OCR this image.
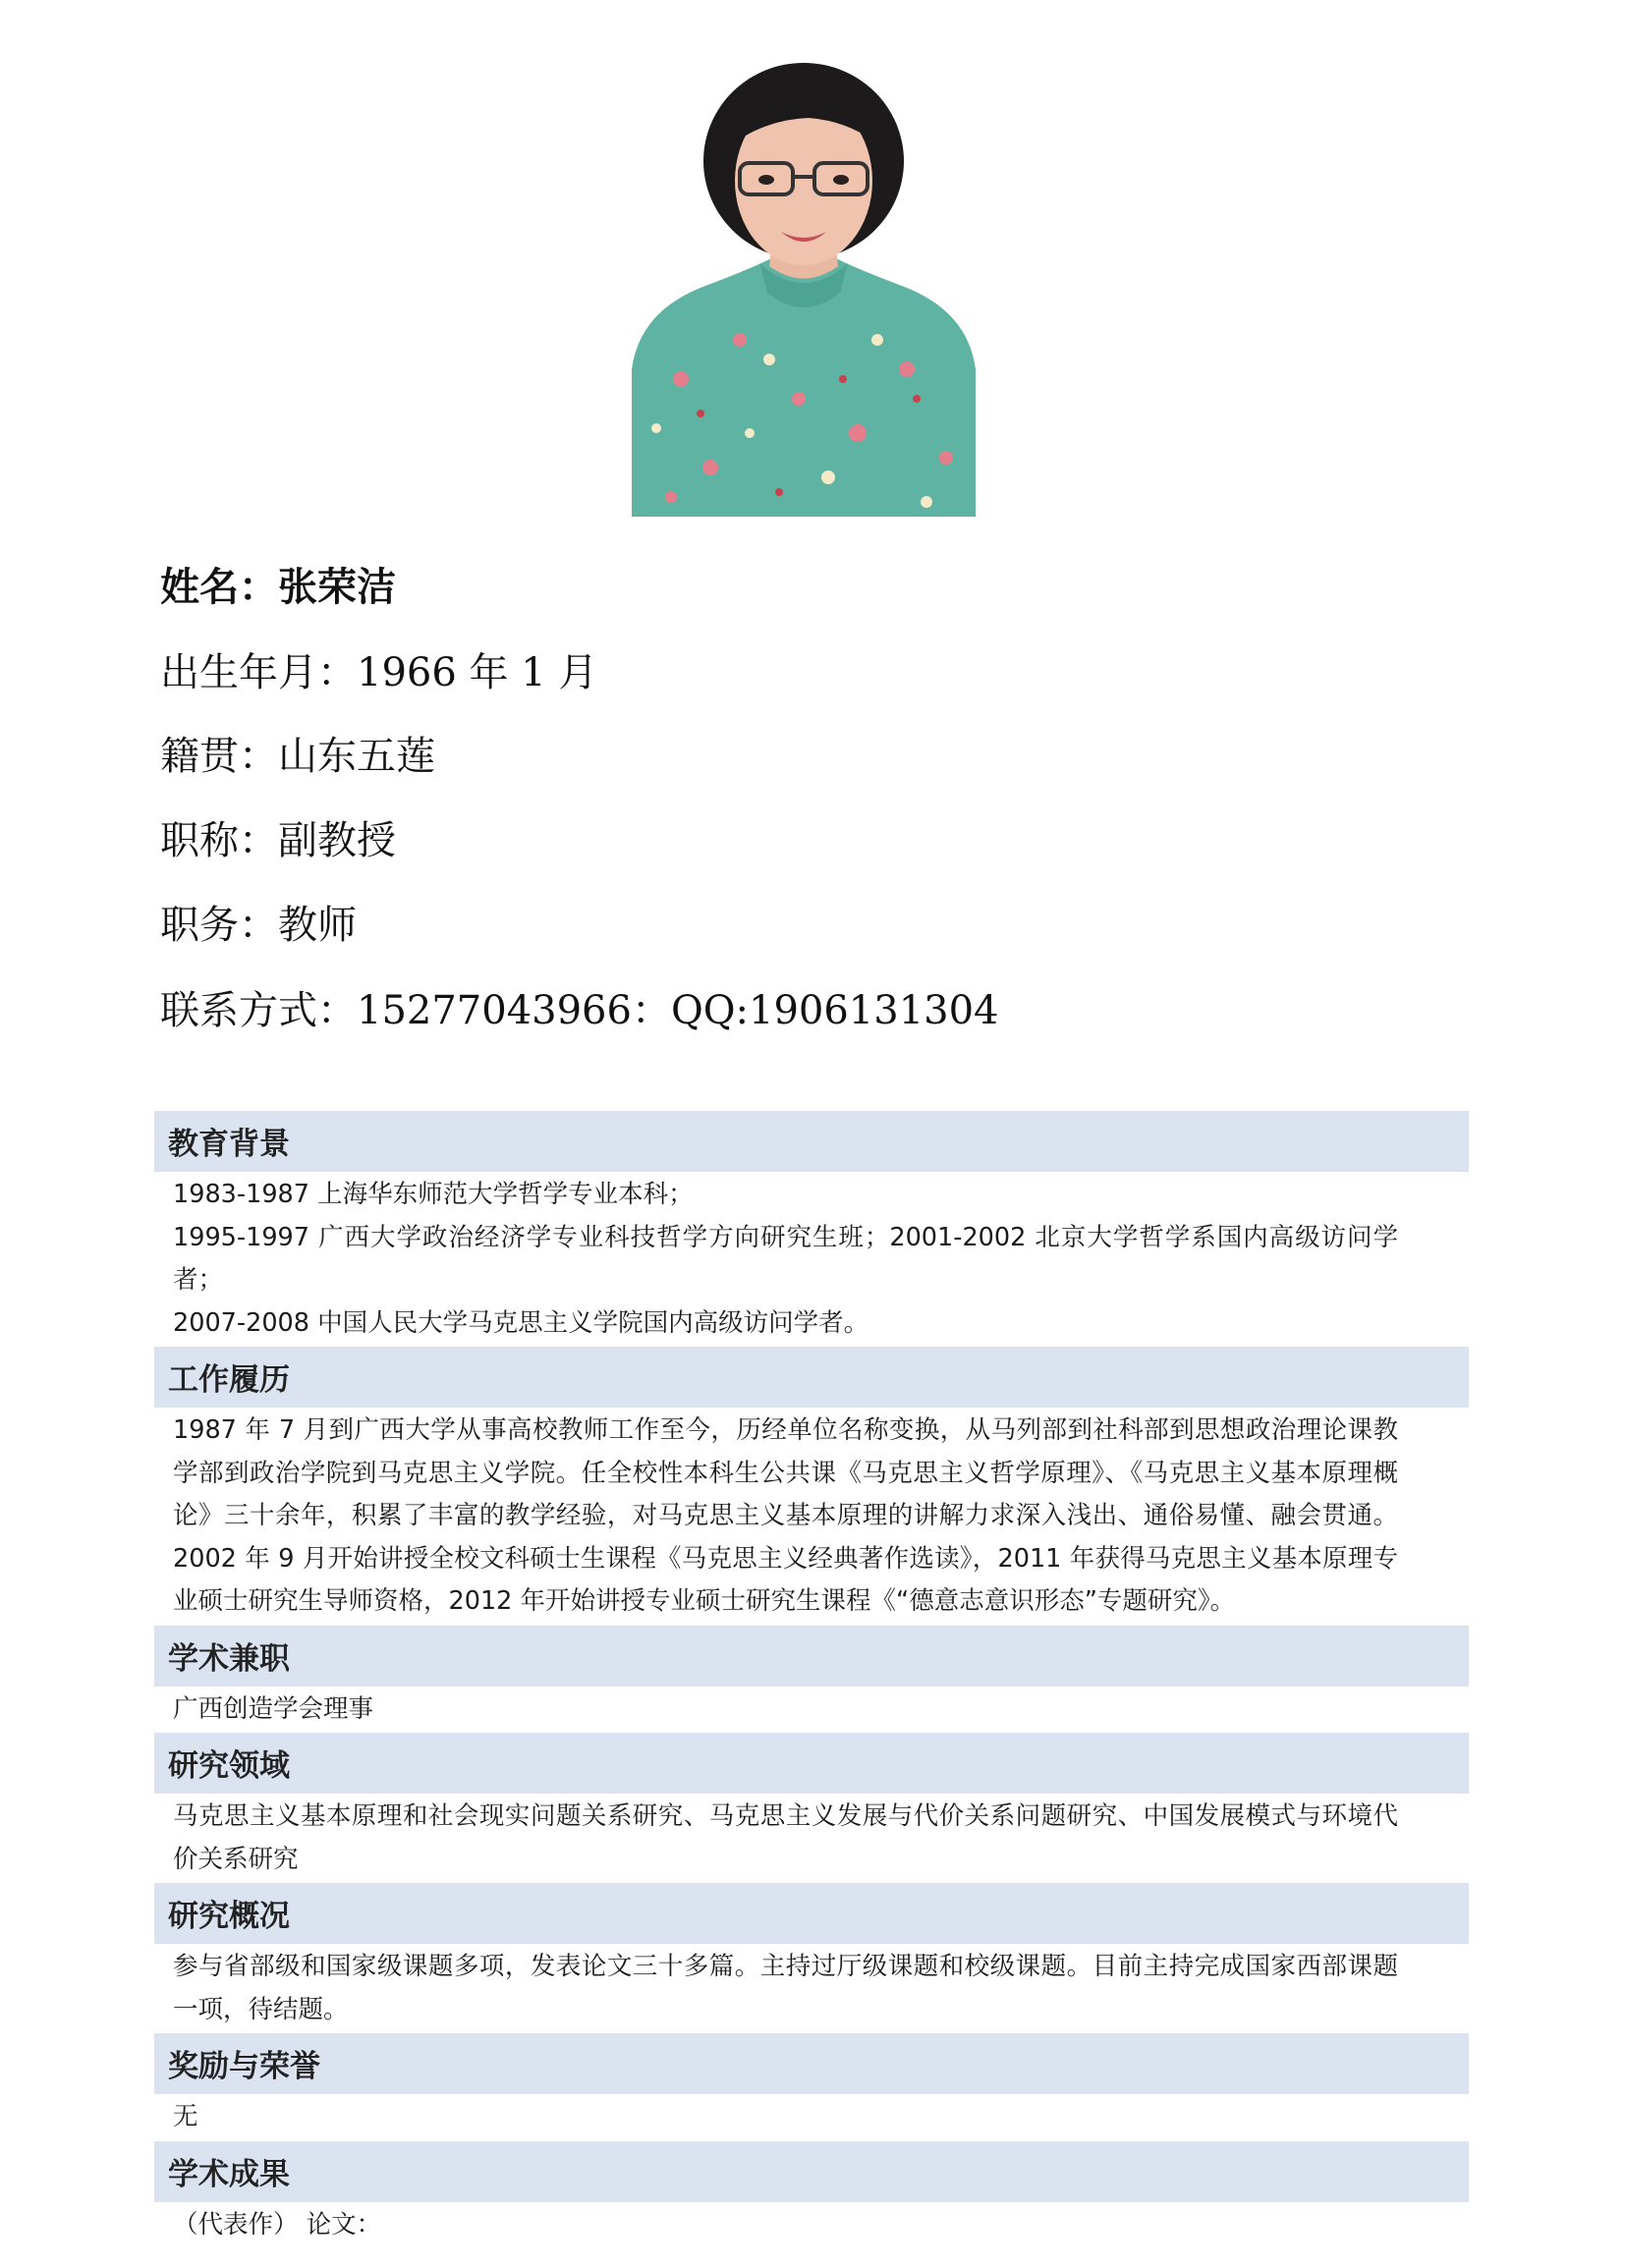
姓名：张荣洁
出生年月：1966 年 1 月
籍贯：山东五莲
职称：副教授
职务：教师
联系方式：15277043966：QQ:1906131304
教育背景

1983-1987 上海华东师范大学哲学专业本科；

1995-1997 广西大学政治经济学专业科技哲学方向研究生班；2001-2002 北京大学哲学系国内高级访问学者；

2007-2008 中国人民大学马克思主义学院国内高级访问学者。

工作履历

1987 年 7 月到广西大学从事高校教师工作至今，历经单位名称变换，从马列部到社科部到思想政治理论课教学部到政治学院到马克思主义学院。任全校性本科生公共课《马克思主义哲学原理》、《马克思主义基本原理概论》三十余年，积累了丰富的教学经验，对马克思主义基本原理的讲解力求深入浅出、通俗易懂、融会贯通。2002 年 9 月开始讲授全校文科硕士生课程《马克思主义经典著作选读》，2011 年获得马克思主义基本原理专业硕士研究生导师资格，2012 年开始讲授专业硕士研究生课程《“德意志意识形态”专题研究》。

学术兼职

广西创造学会理事

研究领域

马克思主义基本原理和社会现实问题关系研究、马克思主义发展与代价关系问题研究、中国发展模式与环境代价关系研究

研究概况

参与省部级和国家级课题多项，发表论文三十多篇。主持过厅级课题和校级课题。目前主持完成国家西部课题一项，待结题。

奖励与荣誉

无

学术成果

（代表作） 论文：
